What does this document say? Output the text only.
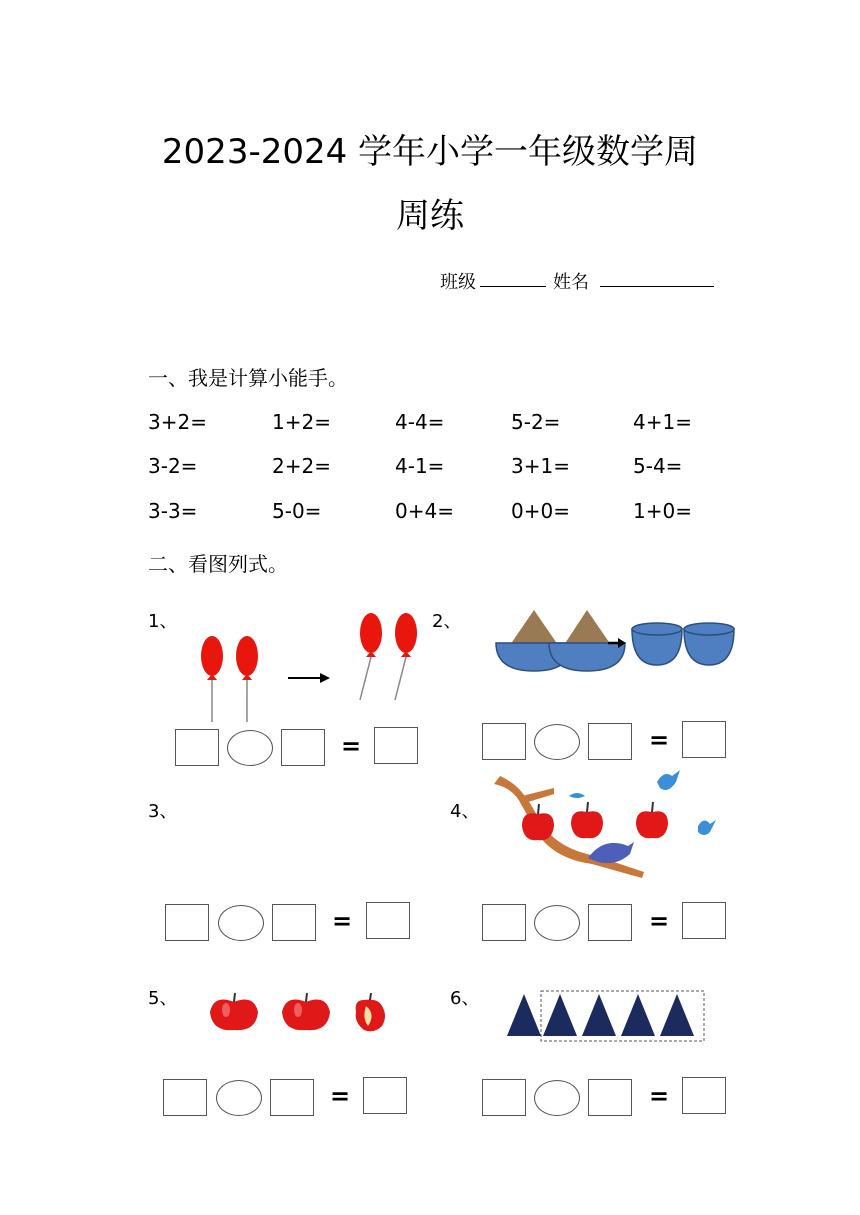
2023-2024 学年小学一年级数学周
周练
班级	姓名
一、我是计算小能手。
3+2=	1+2=	4-4=	5-2=	4+1=
3-2=	2+2=	4-1=	3+1=	5-4=
3-3=	5-0=	0+4=	0+0=	1+0=
二、看图列式。
1、
=
2、
=
3、
=
4、
=
5、
=
6、
=
